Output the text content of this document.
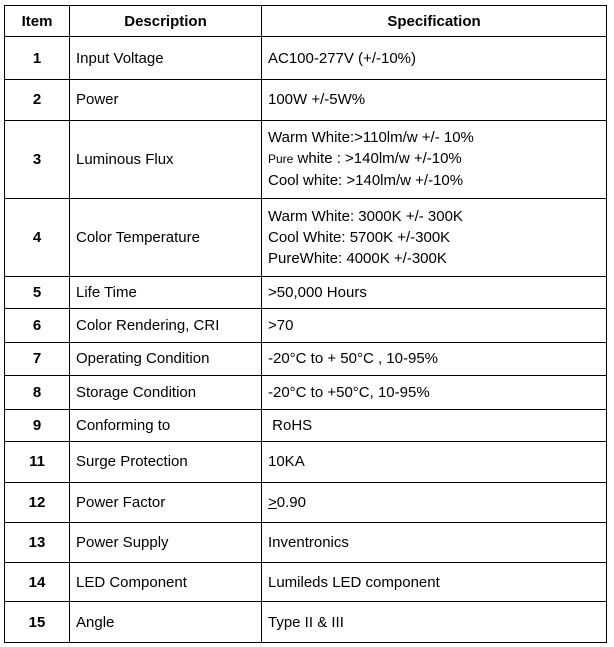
Item	Description	Specification
1	Input Voltage	AC100-277V (+/-10%)
2	Power	100W +/-5W%
3	Luminous Flux	Warm White:>110lm/w +/- 10%
Pure white : >140lm/w +/-10%
Cool white: >140lm/w +/-10%

4	Color Temperature	Warm White: 3000K +/- 300K
Cool White: 5700K +/-300K
PureWhite: 4000K +/-300K

5	Life Time	>50,000 Hours
6	Color Rendering, CRI	>70
7	Operating Condition	-20°C to + 50°C , 10-95%
8	Storage Condition	-20°C to +50°C, 10-95%
9	Conforming to	RoHS
11	Surge Protection	10KA
12	Power Factor	≥0.90
13	Power Supply	Inventronics
14	LED Component	Lumileds LED component
15	Angle	Type II & III
